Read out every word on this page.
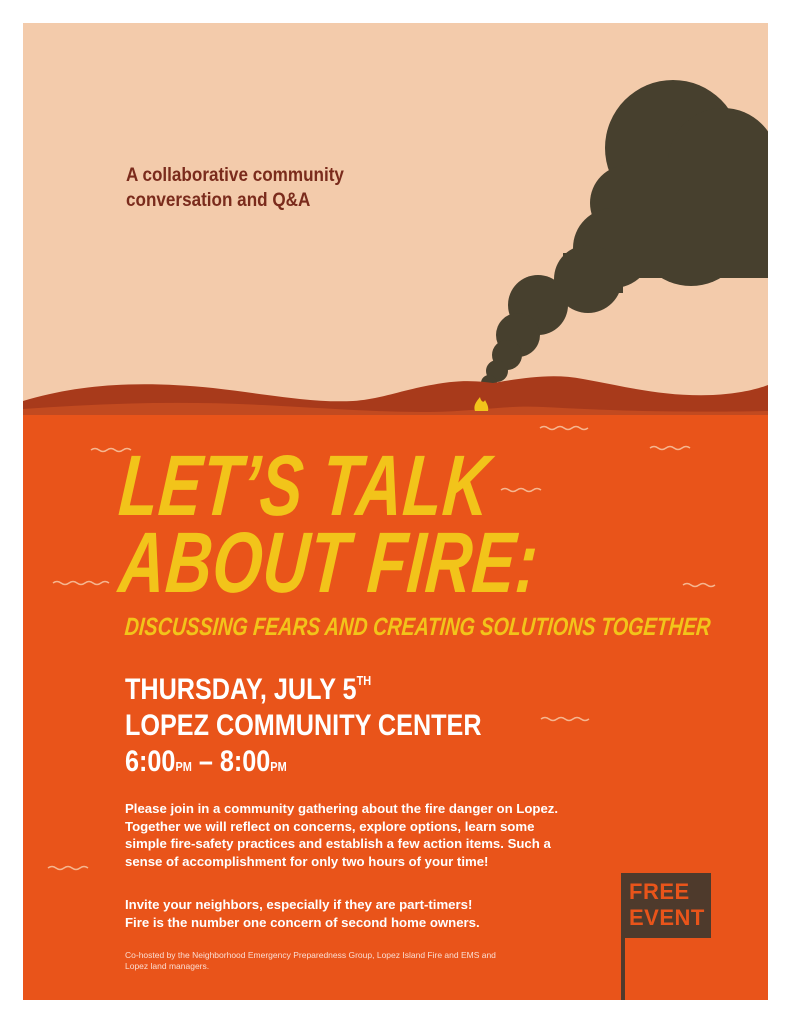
A collaborative community
conversation and Q&A
LET’S TALK
ABOUT FIRE:
DISCUSSING FEARS AND CREATING SOLUTIONS TOGETHER
THURSDAY, JULY 5TH
LOPEZ COMMUNITY CENTER
6:00PM – 8:00PM
Please join in a community gathering about the fire danger on Lopez.
Together we will reflect on concerns, explore options, learn some
simple fire-safety practices and establish a few action items. Such a
sense of accomplishment for only two hours of your time!
Invite your neighbors, especially if they are part-timers!
Fire is the number one concern of second home owners.
Co-hosted by the Neighborhood Emergency Preparedness Group, Lopez Island Fire and EMS and
Lopez land managers.
FREE
EVENT
